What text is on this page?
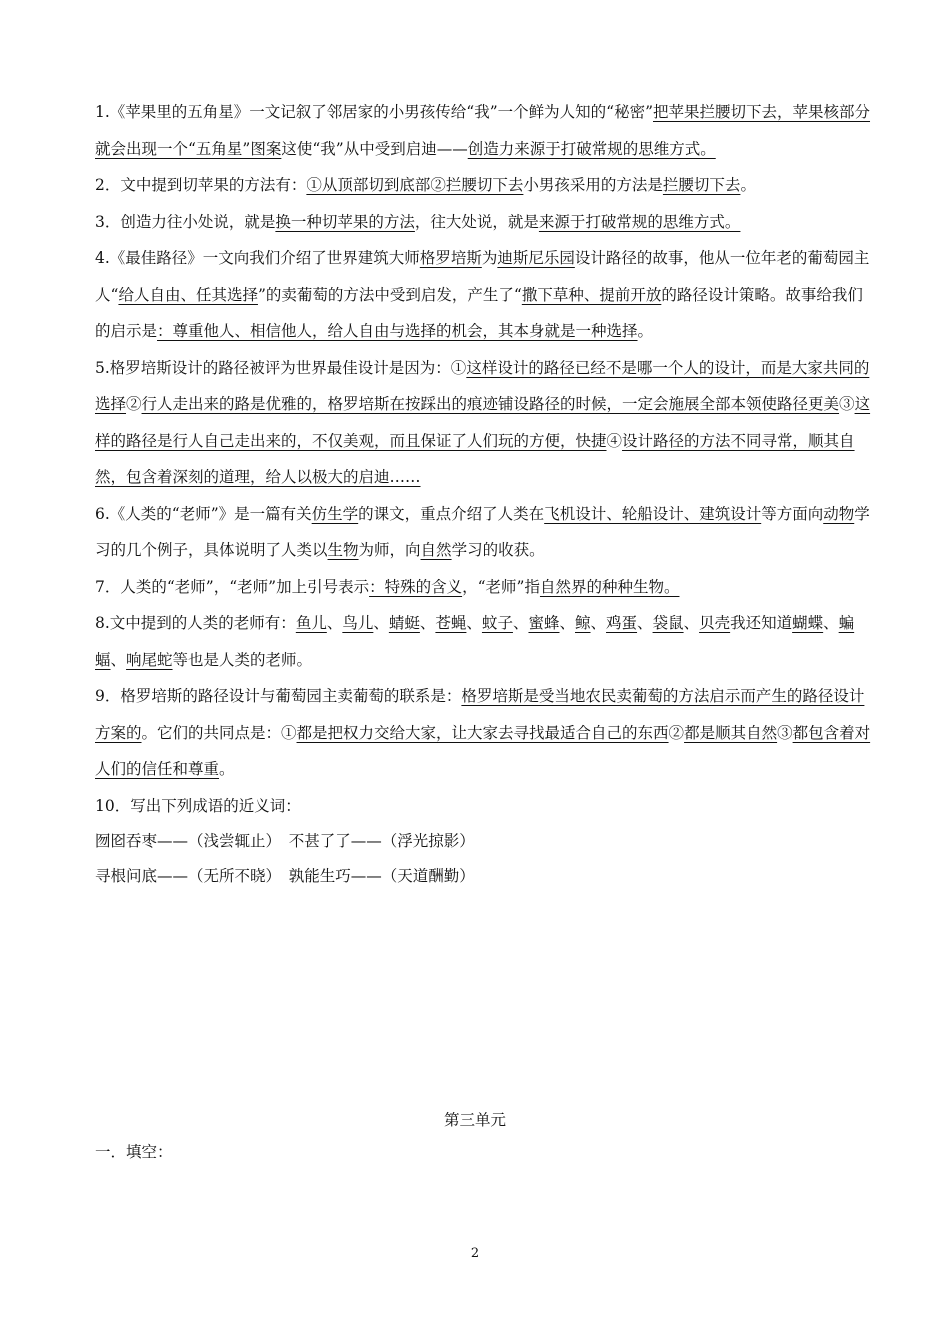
1.《苹果里的五角星》一文记叙了邻居家的小男孩传给“我”一个鲜为人知的“秘密”把苹果拦腰切下去，苹果核部分就会出现一个“五角星”图案这使“我”从中受到启迪——创造力来源于打破常规的思维方式。

2．文中提到切苹果的方法有：①从顶部切到底部②拦腰切下去小男孩采用的方法是拦腰切下去。

3．创造力往小处说，就是换一种切苹果的方法，往大处说，就是来源于打破常规的思维方式。

4.《最佳路径》一文向我们介绍了世界建筑大师格罗培斯为迪斯尼乐园设计路径的故事，他从一位年老的葡萄园主人“给人自由、任其选择”的卖葡萄的方法中受到启发，产生了“撒下草种、提前开放的路径设计策略。故事给我们的启示是：尊重他人、相信他人，给人自由与选择的机会，其本身就是一种选择。

5.格罗培斯设计的路径被评为世界最佳设计是因为：①这样设计的路径已经不是哪一个人的设计，而是大家共同的选择②行人走出来的路是优雅的，格罗培斯在按踩出的痕迹铺设路径的时候，一定会施展全部本领使路径更美③这样的路径是行人自己走出来的，不仅美观，而且保证了人们玩的方便，快捷④设计路径的方法不同寻常，顺其自然，包含着深刻的道理，给人以极大的启迪……

6.《人类的“老师”》是一篇有关仿生学的课文，重点介绍了人类在飞机设计、轮船设计、建筑设计等方面向动物学习的几个例子，具体说明了人类以生物为师，向自然学习的收获。

7．人类的“老师”，“老师”加上引号表示：特殊的含义，“老师”指自然界的种种生物。

8.文中提到的人类的老师有：鱼儿、鸟儿、蜻蜓、苍蝇、蚊子、蜜蜂、鲸、鸡蛋、袋鼠、贝壳我还知道蝴蝶、蝙蝠、响尾蛇等也是人类的老师。

9．格罗培斯的路径设计与葡萄园主卖葡萄的联系是：格罗培斯是受当地农民卖葡萄的方法启示而产生的路径设计方案的。它们的共同点是：①都是把权力交给大家，让大家去寻找最适合自己的东西②都是顺其自然③都包含着对人们的信任和尊重。

10．写出下列成语的近义词：

囫囵吞枣——（浅尝辄止）　不甚了了——（浮光掠影）

寻根问底——（无所不晓）　孰能生巧——（天道酬勤）

第三单元
一．填空：
2
